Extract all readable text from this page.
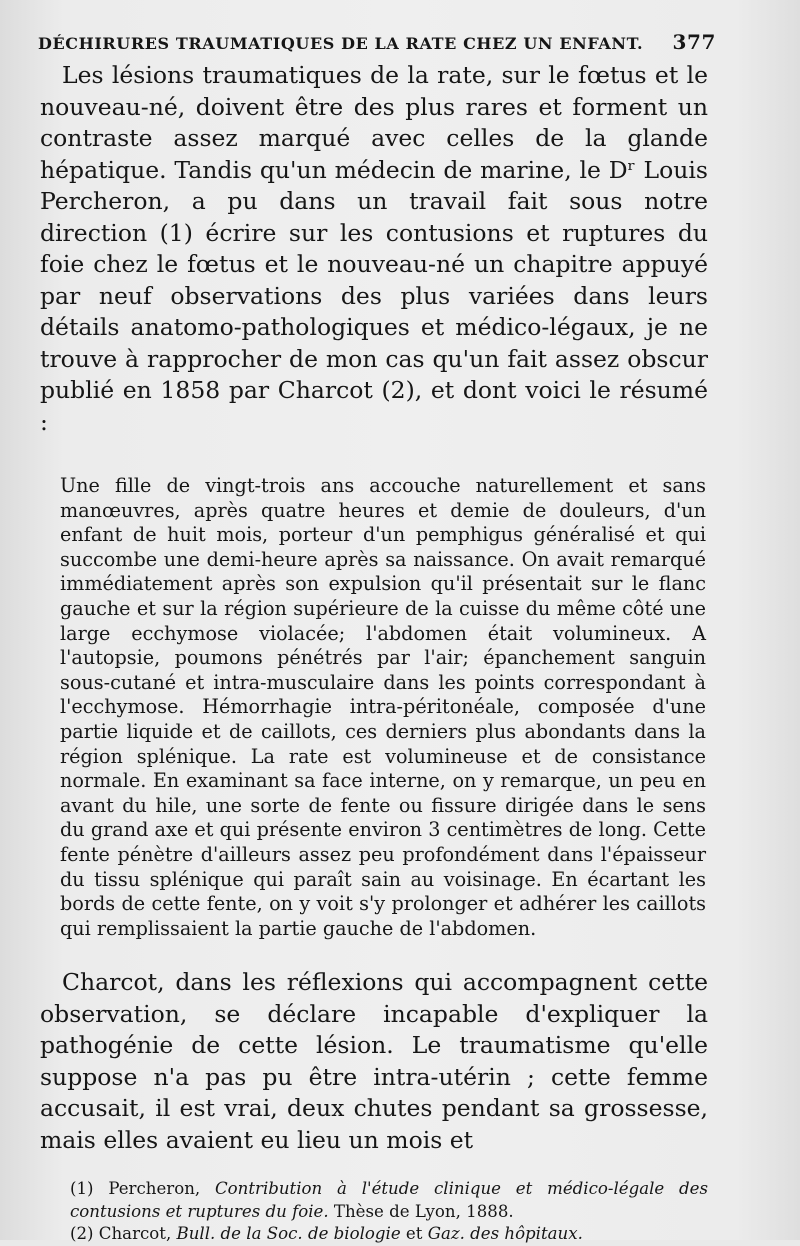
DÉCHIRURES TRAUMATIQUES DE LA RATE CHEZ UN ENFANT. 377

Les lésions traumatiques de la rate, sur le fœtus et le nouveau-né, doivent être des plus rares et forment un contraste assez marqué avec celles de la glande hépatique. Tandis qu'un médecin de marine, le Dʳ Louis Percheron, a pu dans un travail fait sous notre direction (1) écrire sur les contusions et ruptures du foie chez le fœtus et le nouveau-né un chapitre appuyé par neuf observations des plus variées dans leurs détails anatomo-pathologiques et médico-légaux, je ne trouve à rapprocher de mon cas qu'un fait assez obscur publié en 1858 par Charcot (2), et dont voici le résumé :

Une fille de vingt-trois ans accouche naturellement et sans manœuvres, après quatre heures et demie de douleurs, d'un enfant de huit mois, porteur d'un pemphigus généralisé et qui succombe une demi-heure après sa naissance. On avait remarqué immédiatement après son expulsion qu'il présentait sur le flanc gauche et sur la région supérieure de la cuisse du même côté une large ecchymose violacée; l'abdomen était volumineux. A l'autopsie, poumons pénétrés par l'air; épanchement sanguin sous-cutané et intra-musculaire dans les points correspondant à l'ecchymose. Hémorrhagie intra-péritonéale, composée d'une partie liquide et de caillots, ces derniers plus abondants dans la région splénique. La rate est volumineuse et de consistance normale. En examinant sa face interne, on y remarque, un peu en avant du hile, une sorte de fente ou fissure dirigée dans le sens du grand axe et qui présente environ 3 centimètres de long. Cette fente pénètre d'ailleurs assez peu profondément dans l'épaisseur du tissu splénique qui paraît sain au voisinage. En écartant les bords de cette fente, on y voit s'y prolonger et adhérer les caillots qui remplissaient la partie gauche de l'abdomen.

Charcot, dans les réflexions qui accompagnent cette observation, se déclare incapable d'expliquer la pathogénie de cette lésion. Le traumatisme qu'elle suppose n'a pas pu être intra-utérin ; cette femme accusait, il est vrai, deux chutes pendant sa grossesse, mais elles avaient eu lieu un mois et

(1) Percheron, Contribution à l'étude clinique et médico-légale des contusions et ruptures du foie. Thèse de Lyon, 1888.

(2) Charcot, Bull. de la Soc. de biologie et Gaz. des hôpitaux.
